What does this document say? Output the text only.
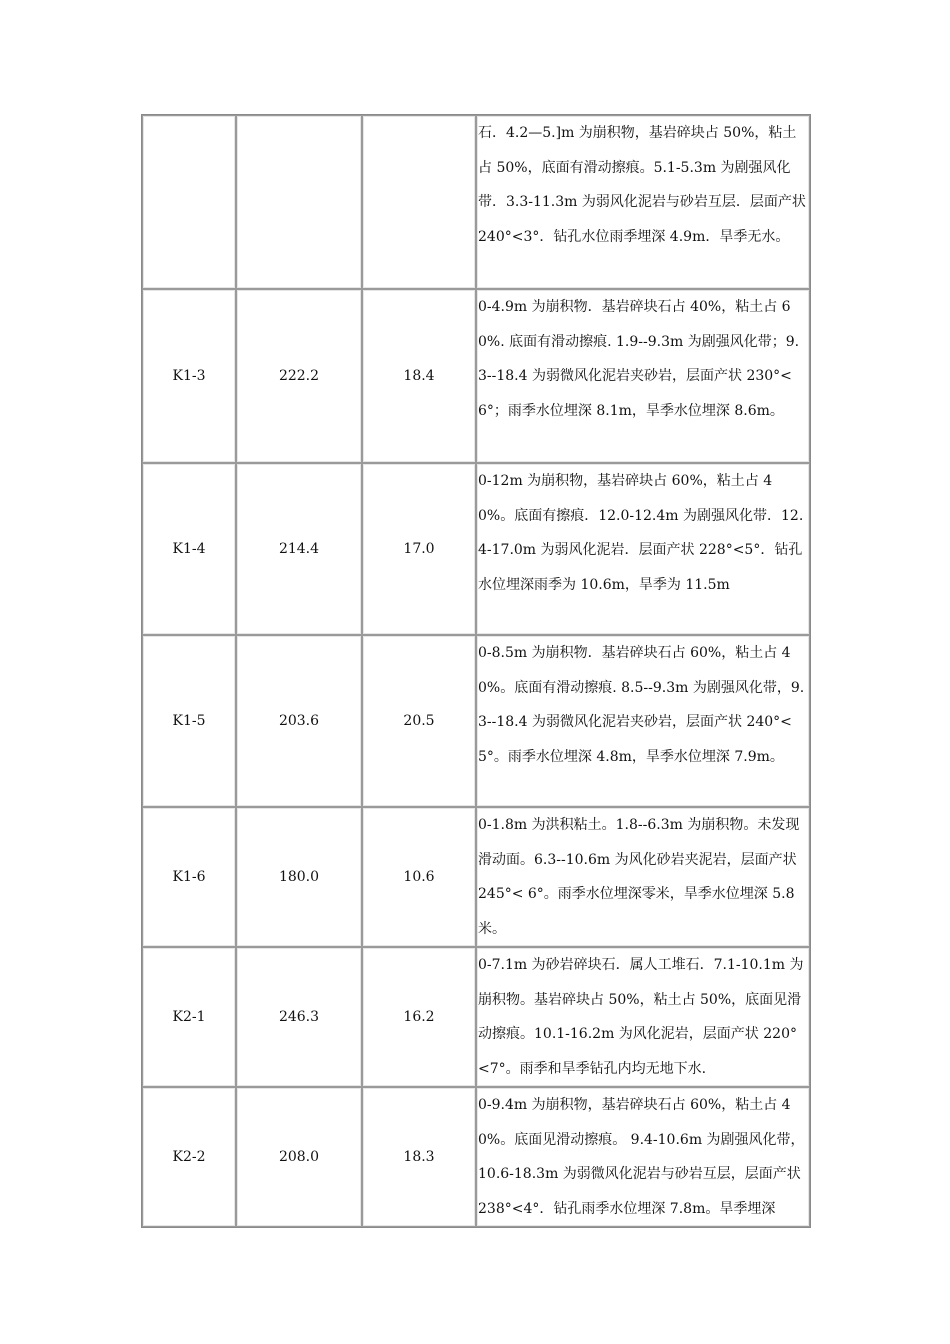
			石．4.2—5.]m 为崩积物，基岩碎块占 50%，粘土占 50%，底面有滑动擦痕。5.1-5.3m 为剧强风化带．3.3-11.3m 为弱风化泥岩与砂岩互层．层面产状 240°<3°．钻孔水位雨季埋深 4.9m．旱季无水。
K1-3	222.2	18.4	0-4.9m 为崩积物．基岩碎块石占 40%，粘土占 60%. 底面有滑动擦痕. 1.9--9.3m 为剧强风化带；9.3--18.4 为弱微风化泥岩夹砂岩，层面产状 230°<6°；雨季水位埋深 8.1m，旱季水位埋深 8.6m。
K1-4	214.4	17.0	0-12m 为崩积物，基岩碎块占 60%，粘土占 40%。底面有擦痕．12.0-12.4m 为剧强风化带．12.4-17.0m 为弱风化泥岩．层面产状 228°<5°．钻孔水位埋深雨季为 10.6m，旱季为 11.5m
K1-5	203.6	20.5	0-8.5m 为崩积物．基岩碎块石占 60%，粘土占 40%。底面有滑动擦痕. 8.5--9.3m 为剧强风化带，9.3--18.4 为弱微风化泥岩夹砂岩，层面产状 240°< 5°。雨季水位埋深 4.8m，旱季水位埋深 7.9m。
K1-6	180.0	10.6	0-1.8m 为洪积粘土。1.8--6.3m 为崩积物。未发现滑动面。6.3--10.6m 为风化砂岩夹泥岩，层面产状 245°< 6°。雨季水位埋深零米，旱季水位埋深 5.8 米。
K2-1	246.3	16.2	0-7.1m 为砂岩碎块石．属人工堆石．7.1-10.1m 为崩积物。基岩碎块占 50%，粘土占 50%，底面见滑动擦痕。10.1-16.2m 为风化泥岩，层面产状 220°<7°。雨季和旱季钻孔内均无地下水.
K2-2	208.0	18.3	0-9.4m 为崩积物，基岩碎块石占 60%，粘土占 40%。底面见滑动擦痕。 9.4-10.6m 为剧强风化带，10.6-18.3m 为弱微风化泥岩与砂岩互层，层面产状 238°<4°．钻孔雨季水位埋深 7.8m。旱季埋深
